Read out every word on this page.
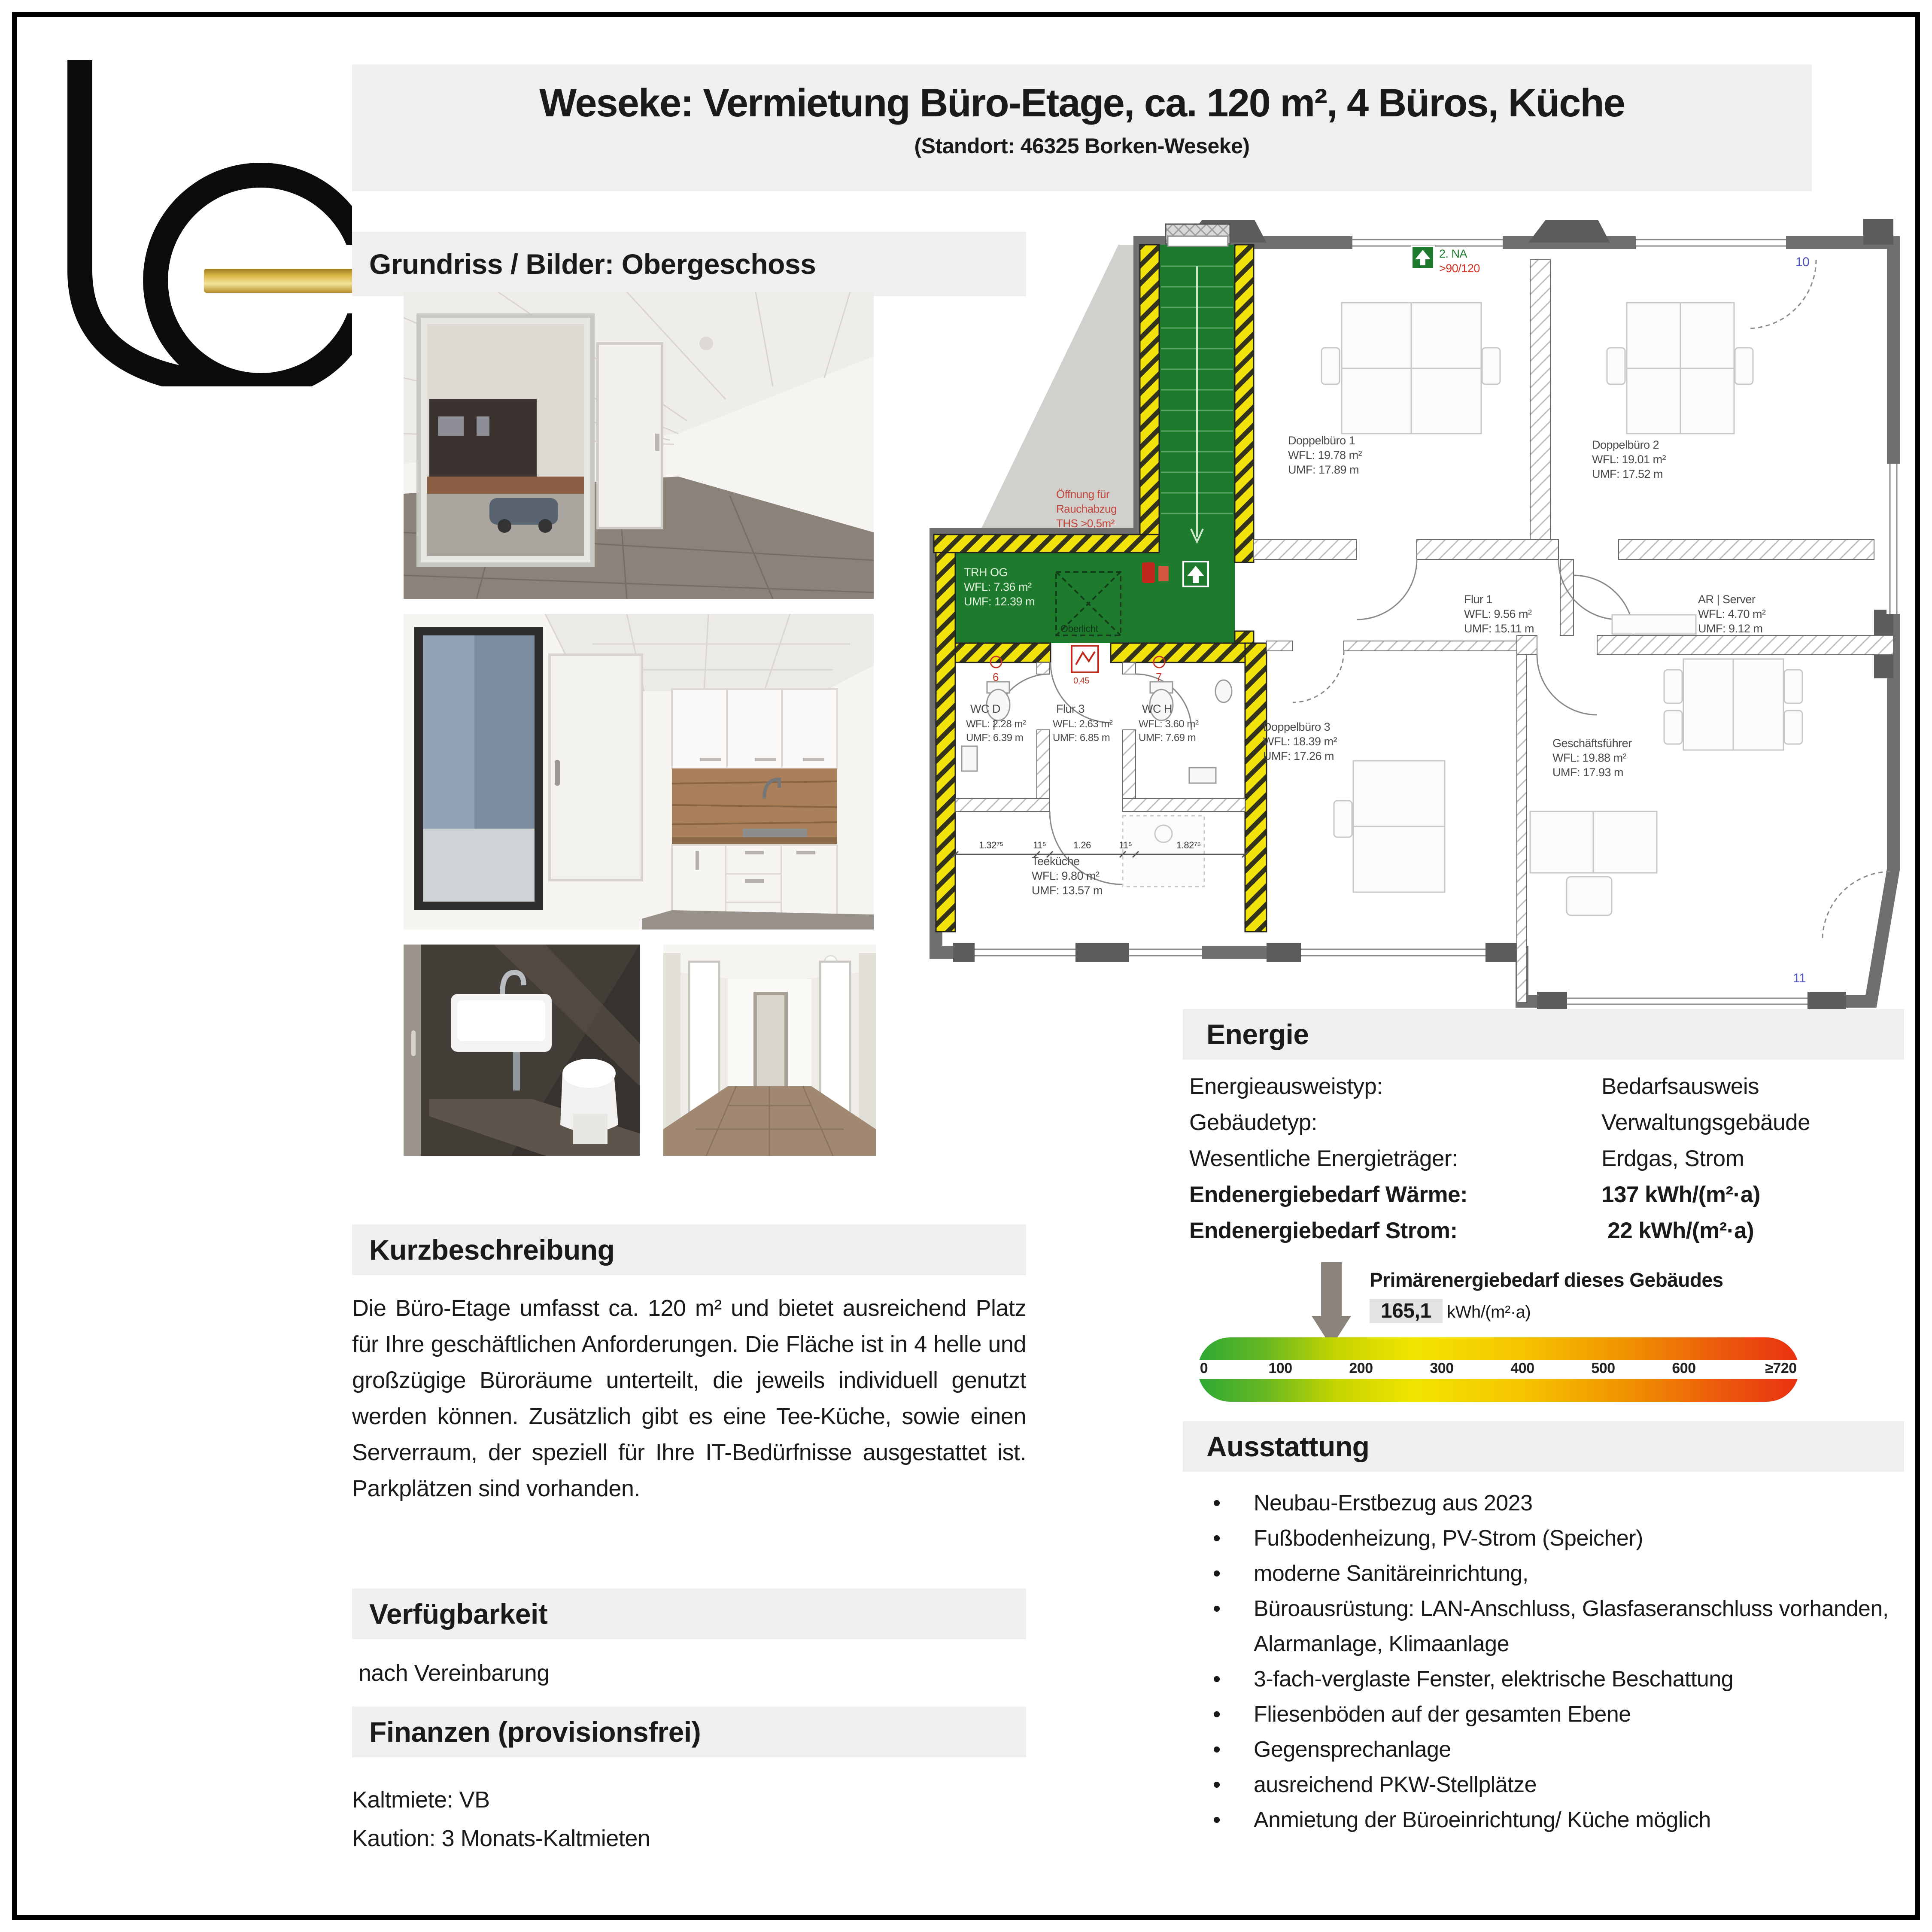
Weseke: Vermietung Büro-Etage, ca. 120 m², 4 Büros, Küche
(Standort: 46325 Borken-Weseke)
Grundriss / Bilder: Obergeschoss
Öffnung für
Rauchabzug
THS >0,5m²
Oberlicht
2. NA
>90/120
0,45
6	7
10
11
1.32⁷⁵	11⁵	1.26	11⁵	1.82⁷⁵
TRH OG
WFL: 7.36 m²
UMF: 12.39 m
Doppelbüro 1
WFL: 19.78 m²
UMF: 17.89 m
Doppelbüro 2
WFL: 19.01 m²
UMF: 17.52 m
Flur 1
WFL: 9.56 m²
UMF: 15.11 m
AR | Server
WFL: 4.70 m²
UMF: 9.12 m
WC D
WFL: 2.28 m²
UMF: 6.39 m
Flur 3
WFL: 2.63 m²
UMF: 6.85 m
WC H
WFL: 3.60 m²
UMF: 7.69 m
Teeküche
WFL: 9.80 m²
UMF: 13.57 m
Doppelbüro 3
WFL: 18.39 m²
UMF: 17.26 m
Geschäftsführer
WFL: 19.88 m²
UMF: 17.93 m
Energie
Energieausweistyp:	Bedarfsausweis
Gebäudetyp:	Verwaltungsgebäude
Wesentliche Energieträger:	Erdgas, Strom
Endenergiebedarf Wärme:	137 kWh/(m²·a)
Endenergiebedarf Strom:	22 kWh/(m²·a)
Primärenergiebedarf dieses Gebäudes
165,1 kWh/(m²·a)
0	100	200	300	400	500	600	≥720
Ausstattung
• Neubau-Erstbezug aus 2023
• Fußbodenheizung, PV-Strom (Speicher)
• moderne Sanitäreinrichtung,
• Büroausrüstung: LAN-Anschluss, Glasfaseranschluss vorhanden, Alarmanlage, Klimaanlage
• 3-fach-verglaste Fenster, elektrische Beschattung
• Fliesenböden auf der gesamten Ebene
• Gegensprechanlage
• ausreichend PKW-Stellplätze
• Anmietung der Büroeinrichtung/ Küche möglich
Kurzbeschreibung
Die Büro-Etage umfasst ca. 120 m² und bietet ausreichend Platz für Ihre geschäftlichen Anforderungen. Die Fläche ist in 4 helle und großzügige Büroräume unterteilt, die jeweils individuell genutzt werden können. Zusätzlich gibt es eine Tee-Küche, sowie einen Serverraum, der speziell für Ihre IT-Bedürfnisse ausgestattet ist. Parkplätzen sind vorhanden.
Verfügbarkeit
nach Vereinbarung
Finanzen (provisionsfrei)
Kaltmiete: VB
Kaution: 3 Monats-Kaltmieten
